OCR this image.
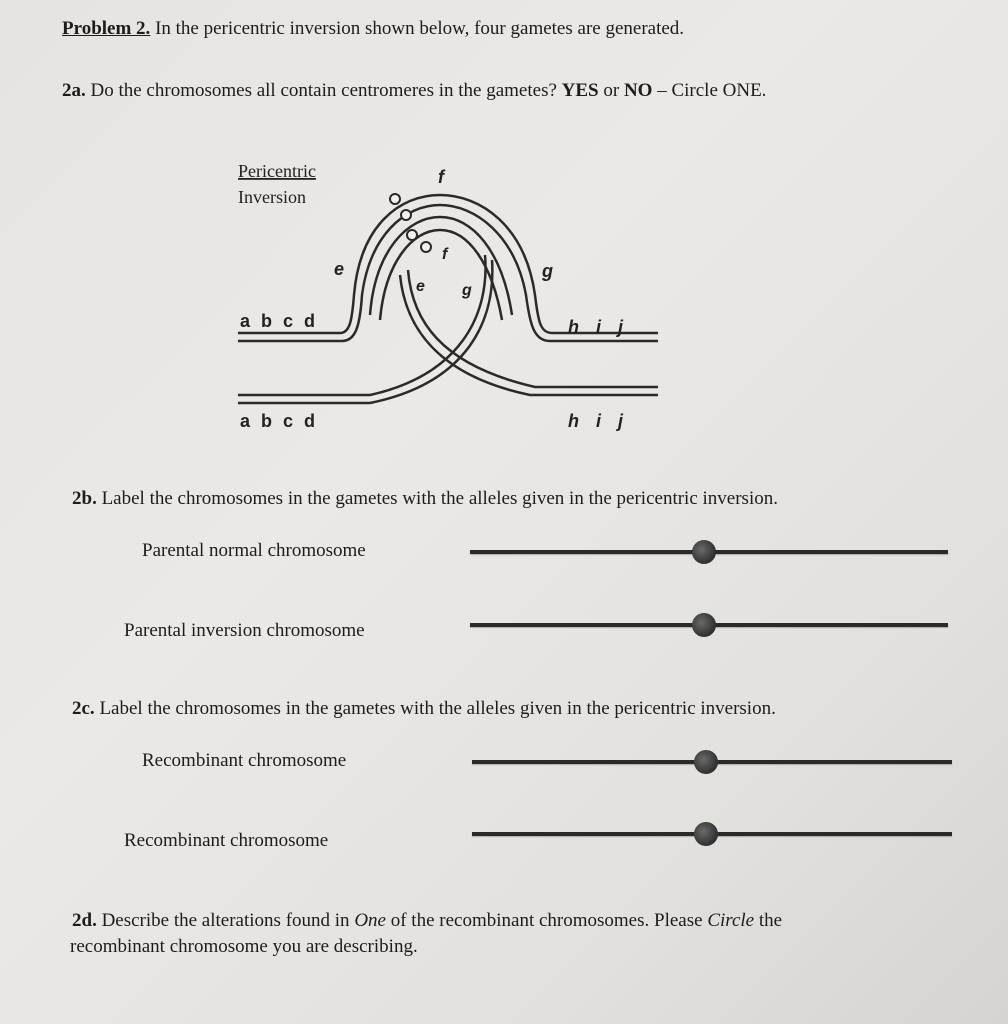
Problem 2. In the pericentric inversion shown below, four gametes are generated.
2a. Do the chromosomes all contain centromeres in the gametes? YES or NO – Circle ONE.
Pericentric
Inversion
f
e	g
f
e g
a b c d	h i j
a b c d	h i j
2b. Label the chromosomes in the gametes with the alleles given in the pericentric inversion.
Parental normal chromosome
Parental inversion chromosome
2c. Label the chromosomes in the gametes with the alleles given in the pericentric inversion.
Recombinant chromosome
Recombinant chromosome
2d. Describe the alterations found in One of the recombinant chromosomes. Please Circle the
recombinant chromosome you are describing.
